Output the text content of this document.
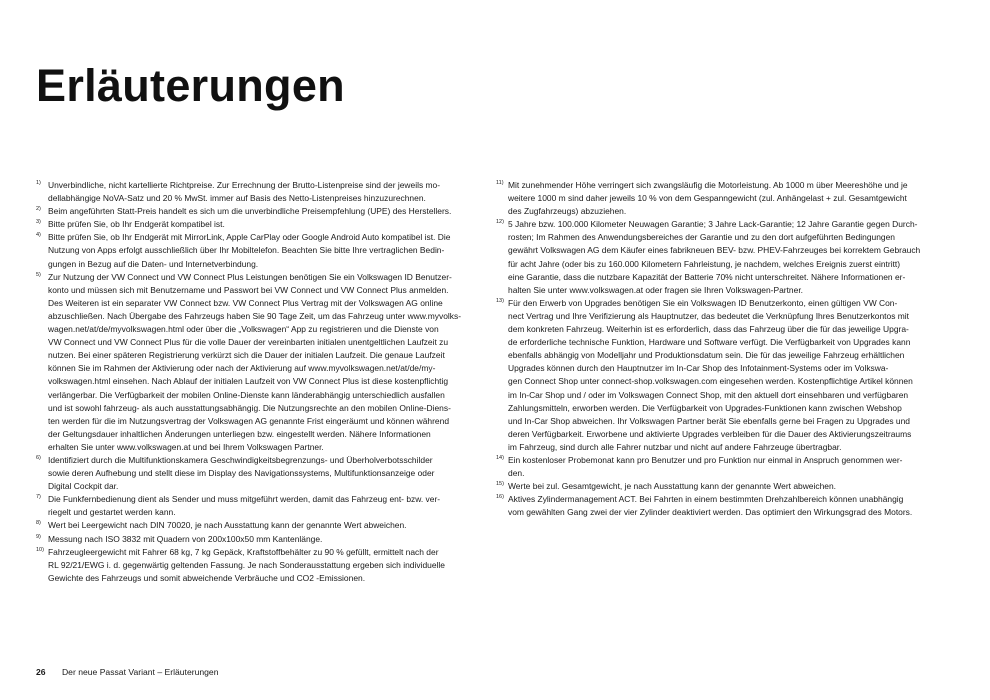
Erläuterungen
1) Unverbindliche, nicht kartellierte Richtpreise. Zur Errechnung der Brutto-Listenpreise sind der jeweils mo-
dellabhängige NoVA-Satz und 20 % MwSt. immer auf Basis des Netto-Listenpreises hinzuzurechnen.
2) Beim angeführten Statt-Preis handelt es sich um die unverbindliche Preisempfehlung (UPE) des Herstellers.
3) Bitte prüfen Sie, ob Ihr Endgerät kompatibel ist.
4) Bitte prüfen Sie, ob Ihr Endgerät mit MirrorLink, Apple CarPlay oder Google Android Auto kompatibel ist. Die
Nutzung von Apps erfolgt ausschließlich über Ihr Mobiltelefon. Beachten Sie bitte Ihre vertraglichen Bedin-
gungen in Bezug auf die Daten- und Internetverbindung.
5) Zur Nutzung der VW Connect und VW Connect Plus Leistungen benötigen Sie ein Volkswagen ID Benutzer-
konto und müssen sich mit Benutzername und Passwort bei VW Connect und VW Connect Plus anmelden.
Des Weiteren ist ein separater VW Connect bzw. VW Connect Plus Vertrag mit der Volkswagen AG online
abzuschließen. Nach Übergabe des Fahrzeugs haben Sie 90 Tage Zeit, um das Fahrzeug unter www.myvolks-
wagen.net/at/de/myvolkswagen.html oder über die „Volkswagen“ App zu registrieren und die Dienste von
VW Connect und VW Connect Plus für die volle Dauer der vereinbarten initialen unentgeltlichen Laufzeit zu
nutzen. Bei einer späteren Registrierung verkürzt sich die Dauer der initialen Laufzeit. Die genaue Laufzeit
können Sie im Rahmen der Aktivierung oder nach der Aktivierung auf www.myvolkswagen.net/at/de/my-
volkswagen.html einsehen. Nach Ablauf der initialen Laufzeit von VW Connect Plus ist diese kostenpflichtig
verlängerbar. Die Verfügbarkeit der mobilen Online-Dienste kann länderabhängig unterschiedlich ausfallen
und ist sowohl fahrzeug- als auch ausstattungsabhängig. Die Nutzungsrechte an den mobilen Online-Diens-
ten werden für die im Nutzungsvertrag der Volkswagen AG genannte Frist eingeräumt und können während
der Geltungsdauer inhaltlichen Änderungen unterliegen bzw. eingestellt werden. Nähere Informationen
erhalten Sie unter www.volkswagen.at und bei Ihrem Volkswagen Partner.
6) Identifiziert durch die Multifunktionskamera Geschwindigkeitsbegrenzungs- und Überholverbotsschilder
sowie deren Aufhebung und stellt diese im Display des Navigationssystems, Multifunktionsanzeige oder
Digital Cockpit dar.
7) Die Funkfernbedienung dient als Sender und muss mitgeführt werden, damit das Fahrzeug ent- bzw. ver-
riegelt und gestartet werden kann.
8) Wert bei Leergewicht nach DIN 70020, je nach Ausstattung kann der genannte Wert abweichen.
9) Messung nach ISO 3832 mit Quadern von 200x100x50 mm Kantenlänge.
10) Fahrzeugleergewicht mit Fahrer 68 kg, 7 kg Gepäck, Kraftstoffbehälter zu 90 % gefüllt, ermittelt nach der
RL 92/21/EWG i. d. gegenwärtig geltenden Fassung. Je nach Sonderausstattung ergeben sich individuelle
Gewichte des Fahrzeugs und somit abweichende Verbräuche und CO2 -Emissionen.
11) Mit zunehmender Höhe verringert sich zwangsläufig die Motorleistung. Ab 1000 m über Meereshöhe und je
weitere 1000 m sind daher jeweils 10 % von dem Gespanngewicht (zul. Anhängelast + zul. Gesamtgewicht
des Zugfahrzeugs) abzuziehen.
12) 5 Jahre bzw. 100.000 Kilometer Neuwagen Garantie; 3 Jahre Lack-Garantie; 12 Jahre Garantie gegen Durch-
rosten; Im Rahmen des Anwendungsbereiches der Garantie und zu den dort aufgeführten Bedingungen
gewährt Volkswagen AG dem Käufer eines fabrikneuen BEV- bzw. PHEV-Fahrzeuges bei korrektem Gebrauch
für acht Jahre (oder bis zu 160.000 Kilometern Fahrleistung, je nachdem, welches Ereignis zuerst eintritt)
eine Garantie, dass die nutzbare Kapazität der Batterie 70% nicht unterschreitet. Nähere Informationen er-
halten Sie unter www.volkswagen.at oder fragen sie Ihren Volkswagen-Partner.
13) Für den Erwerb von Upgrades benötigen Sie ein Volkswagen ID Benutzerkonto, einen gültigen VW Con-
nect Vertrag und Ihre Verifizierung als Hauptnutzer, das bedeutet die Verknüpfung Ihres Benutzerkontos mit
dem konkreten Fahrzeug. Weiterhin ist es erforderlich, dass das Fahrzeug über die für das jeweilige Upgra-
de erforderliche technische Funktion, Hardware und Software verfügt. Die Verfügbarkeit von Upgrades kann
ebenfalls abhängig von Modelljahr und Produktionsdatum sein. Die für das jeweilige Fahrzeug erhältlichen
Upgrades können durch den Hauptnutzer im In-Car Shop des Infotainment-Systems oder im Volkswa-
gen Connect Shop unter connect-shop.volkswagen.com eingesehen werden. Kostenpflichtige Artikel können
im In-Car Shop und / oder im Volkswagen Connect Shop, mit den aktuell dort einsehbaren und verfügbaren
Zahlungsmitteln, erworben werden. Die Verfügbarkeit von Upgrades-Funktionen kann zwischen Webshop
und In-Car Shop abweichen. Ihr Volkswagen Partner berät Sie ebenfalls gerne bei Fragen zu Upgrades und
deren Verfügbarkeit. Erworbene und aktivierte Upgrades verbleiben für die Dauer des Aktivierungszeitraums
im Fahrzeug, sind durch alle Fahrer nutzbar und nicht auf andere Fahrzeuge übertragbar.
14) Ein kostenloser Probemonat kann pro Benutzer und pro Funktion nur einmal in Anspruch genommen wer-
den.
15) Werte bei zul. Gesamtgewicht, je nach Ausstattung kann der genannte Wert abweichen.
16) Aktives Zylindermanagement ACT. Bei Fahrten in einem bestimmten Drehzahlbereich können unabhängig
vom gewählten Gang zwei der vier Zylinder deaktiviert werden. Das optimiert den Wirkungsgrad des Motors.
26 Der neue Passat Variant – Erläuterungen
